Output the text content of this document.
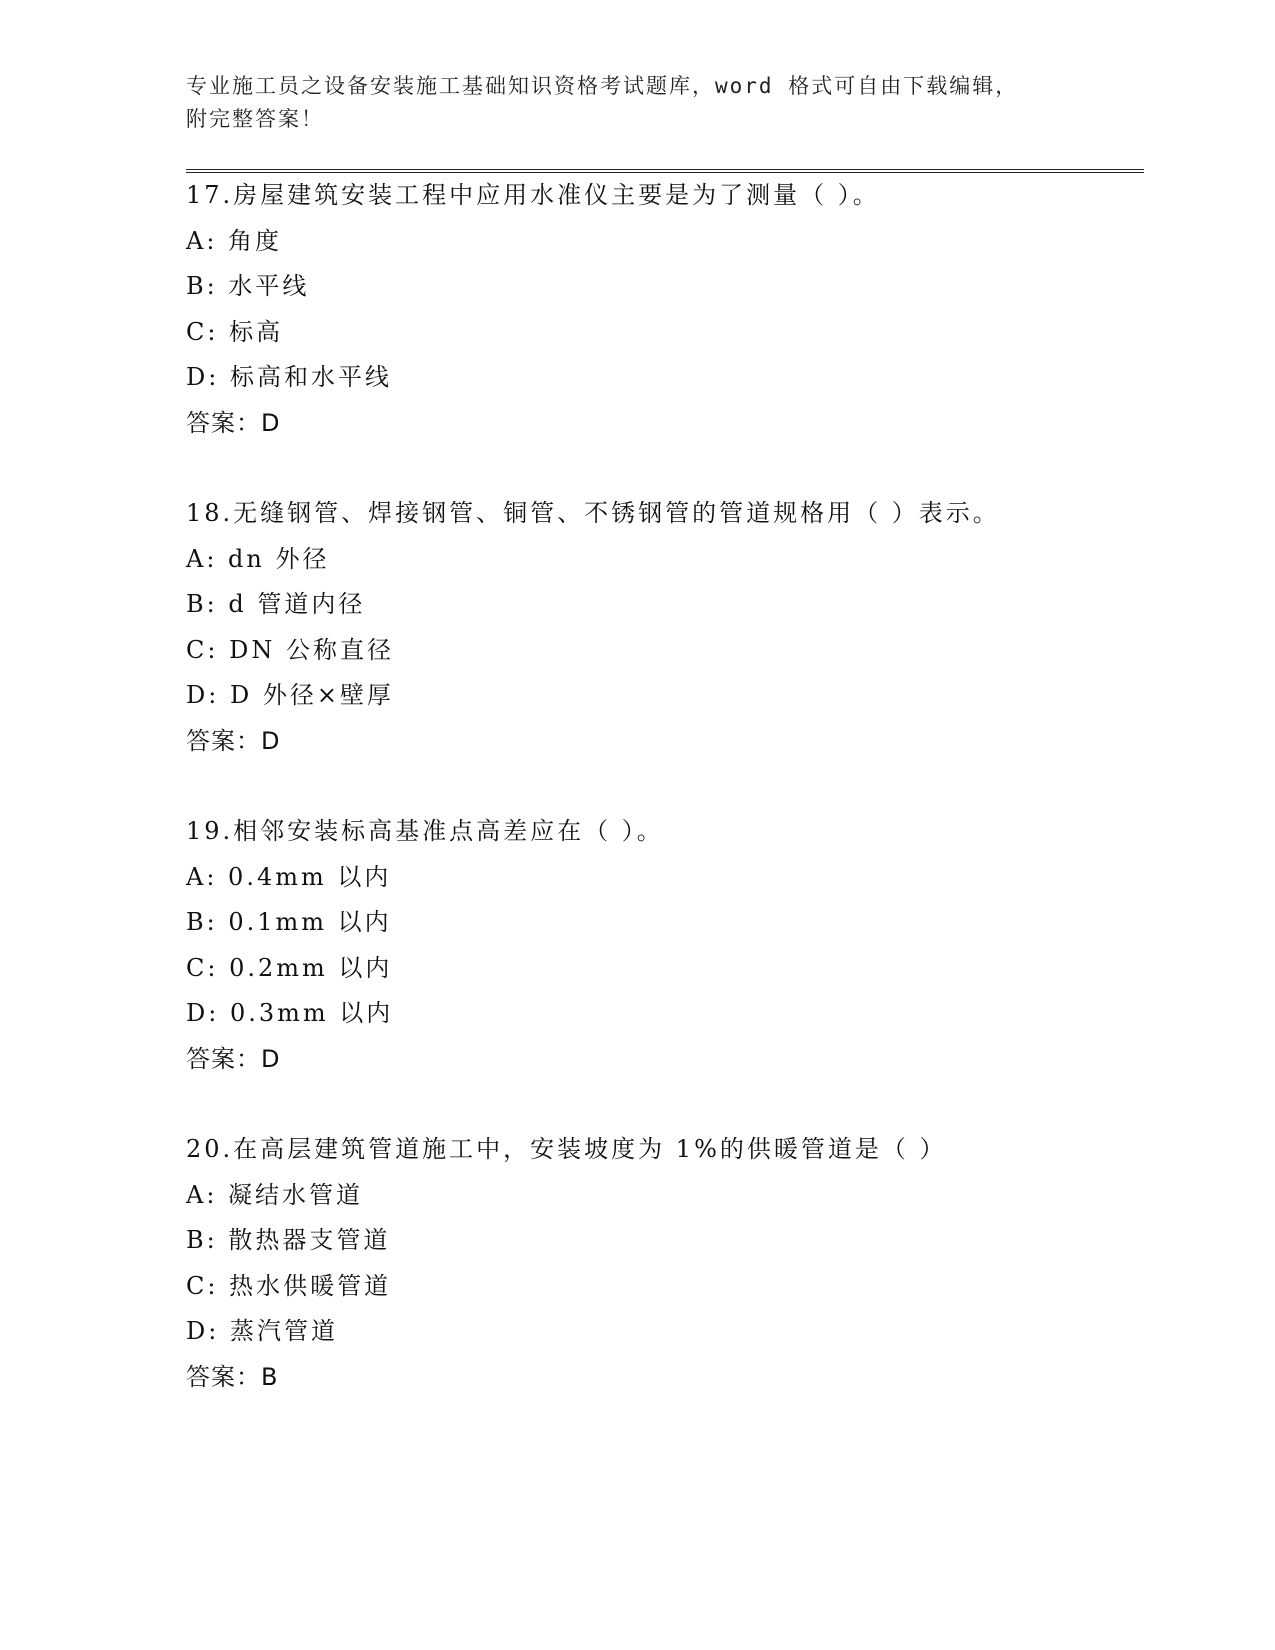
专业施工员之设备安装施工基础知识资格考试题库，word 格式可自由下载编辑，
附完整答案！

17.房屋建筑安装工程中应用水准仪主要是为了测量（ ）。
A: 角度
B: 水平线
C: 标高
D: 标高和水平线
答案：D
18.无缝钢管、焊接钢管、铜管、不锈钢管的管道规格用（ ）表示。
A: dn 外径
B: d 管道内径
C: DN 公称直径
D: D 外径×壁厚
答案：D
19.相邻安装标高基准点高差应在（ ）。
A: 0.4mm 以内
B: 0.1mm 以内
C: 0.2mm 以内
D: 0.3mm 以内
答案：D
20.在高层建筑管道施工中，安装坡度为 1%的供暖管道是（ ）
A: 凝结水管道
B: 散热器支管道
C: 热水供暖管道
D: 蒸汽管道
答案：B
